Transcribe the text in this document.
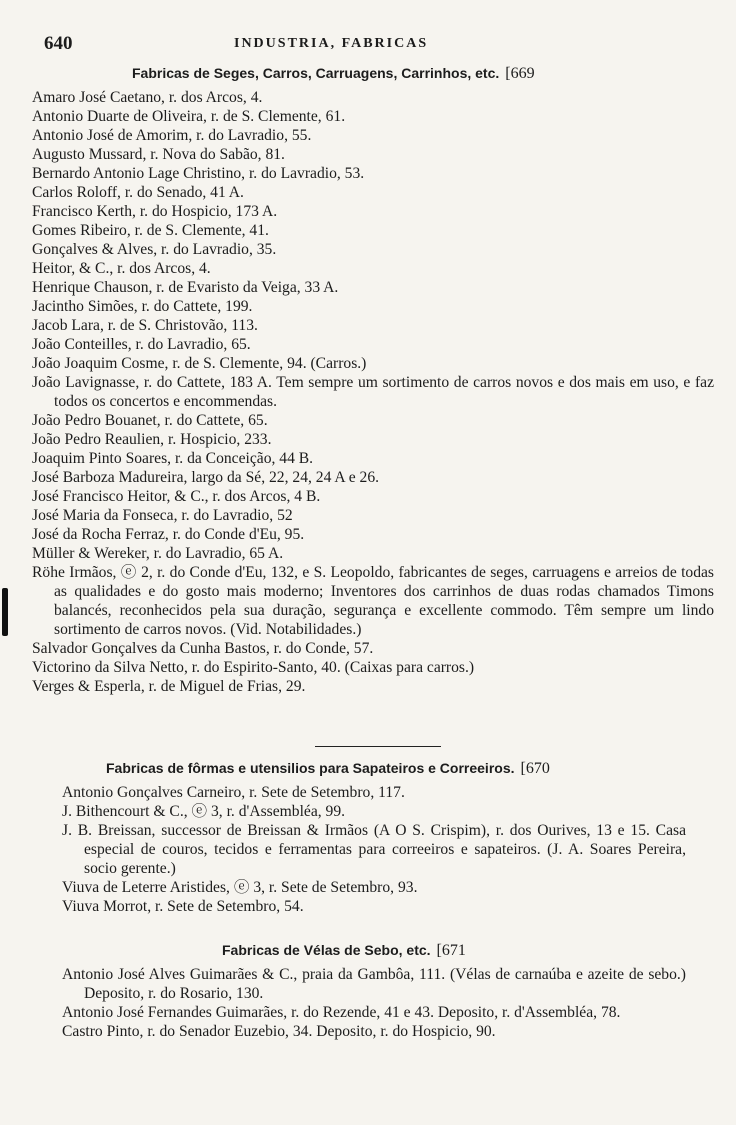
640	INDUSTRIA, FABRICAS
Fabricas de Seges, Carros, Carruagens, Carrinhos, etc. [669
Amaro José Caetano, r. dos Arcos, 4.
Antonio Duarte de Oliveira, r. de S. Clemente, 61.
Antonio José de Amorim, r. do Lavradio, 55.
Augusto Mussard, r. Nova do Sabão, 81.
Bernardo Antonio Lage Christino, r. do Lavradio, 53.
Carlos Roloff, r. do Senado, 41 A.
Francisco Kerth, r. do Hospicio, 173 A.
Gomes Ribeiro, r. de S. Clemente, 41.
Gonçalves & Alves, r. do Lavradio, 35.
Heitor, & C., r. dos Arcos, 4.
Henrique Chauson, r. de Evaristo da Veiga, 33 A.
Jacintho Simões, r. do Cattete, 199.
Jacob Lara, r. de S. Christovão, 113.
João Conteilles, r. do Lavradio, 65.
João Joaquim Cosme, r. de S. Clemente, 94. (Carros.)
João Lavignasse, r. do Cattete, 183 A. Tem sempre um sortimento de carros novos e dos mais em uso, e faz todos os concertos e encommendas.
João Pedro Bouanet, r. do Cattete, 65.
João Pedro Reaulien, r. Hospicio, 233.
Joaquim Pinto Soares, r. da Conceição, 44 B.
José Barboza Madureira, largo da Sé, 22, 24, 24 A e 26.
José Francisco Heitor, & C., r. dos Arcos, 4 B.
José Maria da Fonseca, r. do Lavradio, 52
José da Rocha Ferraz, r. do Conde d'Eu, 95.
Müller & Wereker, r. do Lavradio, 65 A.
Röhe Irmãos, ⓔ 2, r. do Conde d'Eu, 132, e S. Leopoldo, fabricantes de seges, carruagens e arreios de todas as qualidades e do gosto mais moderno; Inventores dos carrinhos de duas rodas chamados Timons balancés, reconhecidos pela sua duração, segurança e excellente commodo. Têm sempre um lindo sortimento de carros novos. (Vid. Notabilidades.)
Salvador Gonçalves da Cunha Bastos, r. do Conde, 57.
Victorino da Silva Netto, r. do Espirito-Santo, 40. (Caixas para carros.)
Verges & Esperla, r. de Miguel de Frias, 29.
Fabricas de fôrmas e utensilios para Sapateiros e Correeiros. [670
Antonio Gonçalves Carneiro, r. Sete de Setembro, 117.
J. Bithencourt & C., ⓔ 3, r. d'Assembléa, 99.
J. B. Breissan, successor de Breissan & Irmãos (A O S. Crispim), r. dos Ourives, 13 e 15. Casa especial de couros, tecidos e ferramentas para correeiros e sapateiros. (J. A. Soares Pereira, socio gerente.)
Viuva de Leterre Aristides, ⓔ 3, r. Sete de Setembro, 93.
Viuva Morrot, r. Sete de Setembro, 54.
Fabricas de Vélas de Sebo, etc. [671
Antonio José Alves Guimarães & C., praia da Gambôa, 111. (Vélas de carnaúba e azeite de sebo.) Deposito, r. do Rosario, 130.
Antonio José Fernandes Guimarães, r. do Rezende, 41 e 43. Deposito, r. d'Assembléa, 78.
Castro Pinto, r. do Senador Euzebio, 34. Deposito, r. do Hospicio, 90.
